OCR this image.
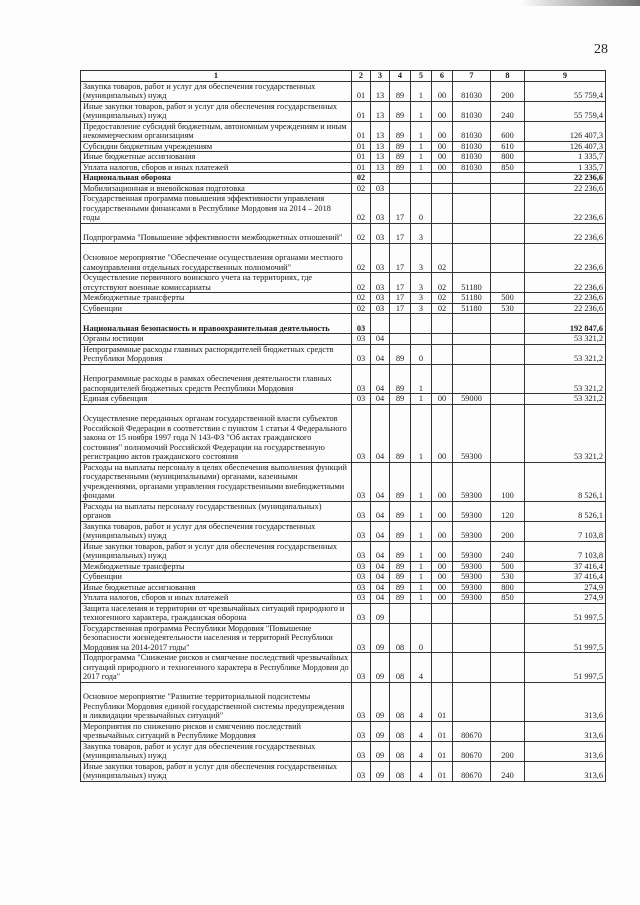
28
1	2	3	4	5	6	7	8	9
Закупка товаров, работ и услуг для обеспечения государственных (муниципальных) нужд	01	13	89	1	00	81030	200	55 759,4
Иные закупки товаров, работ и услуг для обеспечения государственных (муниципальных) нужд	01	13	89	1	00	81030	240	55 759,4
Предоставление субсидий бюджетным, автономным учреждениям и иным некоммерческим организациям	01	13	89	1	00	81030	600	126 407,3
Субсидии бюджетным учреждениям	01	13	89	1	00	81030	610	126 407,3
Иные бюджетные ассигнования	01	13	89	1	00	81030	800	1 335,7
Уплата налогов, сборов и иных платежей	01	13	89	1	00	81030	850	1 335,7
Национальная оборона	02							22 236,6
Мобилизационная и вневойсковая подготовка	02	03						22 236,6
Государственная программа повышения эффективности управления государственными финансами в Республике Мордовия на 2014 – 2018 годы	02	03	17	0				22 236,6
Подпрограмма "Повышение эффективности межбюджетных отношений"	02	03	17	3				22 236,6
Основное мероприятие "Обеспечение осуществления органами местного самоуправления отдельных государственных полномочий"	02	03	17	3	02			22 236,6
Осуществление первичного воинского учета на территориях, где отсутствуют военные комиссариаты	02	03	17	3	02	51180		22 236,6
Межбюджетные трансферты	02	03	17	3	02	51180	500	22 236,6
Субвенции	02	03	17	3	02	51180	530	22 236,6
Национальная безопасность и правоохранительная деятельность	03							192 847,6
Органы юстиции	03	04						53 321,2
Непрограммные расходы главных распорядителей бюджетных средств Республики Мордовия	03	04	89	0				53 321,2
Непрограммные расходы в рамках обеспечения деятельности главных распорядителей бюджетных средств Республики Мордовия	03	04	89	1				53 321,2
Единая субвенция	03	04	89	1	00	59000		53 321,2
Осуществление переданных органам государственной власти субъектов Российской Федерации в соответствии с пунктом 1 статьи 4 Федерального закона от 15 ноября 1997 года N 143-ФЗ "Об актах гражданского состояния" полномочий Российской Федерации на государственную регистрацию актов гражданского состояния	03	04	89	1	00	59300		53 321,2
Расходы на выплаты персоналу в целях обеспечения выполнения функций государственными (муниципальными) органами, казенными учреждениями, органами управления государственными внебюджетными фондами	03	04	89	1	00	59300	100	8 526,1
Расходы на выплаты персоналу государственных (муниципальных) органов	03	04	89	1	00	59300	120	8 526,1
Закупка товаров, работ и услуг для обеспечения государственных (муниципальных) нужд	03	04	89	1	00	59300	200	7 103,8
Иные закупки товаров, работ и услуг для обеспечения государственных (муниципальных) нужд	03	04	89	1	00	59300	240	7 103,8
Межбюджетные трансферты	03	04	89	1	00	59300	500	37 416,4
Субвенции	03	04	89	1	00	59300	530	37 416,4
Иные бюджетные ассигнования	03	04	89	1	00	59300	800	274,9
Уплата налогов, сборов и иных платежей	03	04	89	1	00	59300	850	274,9
Защита населения и территории от чрезвычайных ситуаций природного и техногенного характера, гражданская оборона	03	09						51 997,5
Государственная программа Республики Мордовия "Повышение безопасности жизнедеятельности населения и территорий Республики Мордовия на 2014-2017 годы"	03	09	08	0				51 997,5
Подпрограмма "Снижение рисков и смягчение последствий чрезвычайных ситуаций природного и техногенного характера в Республике Мордовия до 2017 года"	03	09	08	4				51 997,5
Основное мероприятие "Развитие территориальной подсистемы Республики Мордовия единой государственной системы предупреждения и ликвидации чрезвычайных ситуаций"	03	09	08	4	01			313,6
Мероприятия по снижению рисков и смягчению последствий чрезвычайных ситуаций в Республике Мордовия	03	09	08	4	01	80670		313,6
Закупка товаров, работ и услуг для обеспечения государственных (муниципальных) нужд	03	09	08	4	01	80670	200	313,6
Иные закупки товаров, работ и услуг для обеспечения государственных (муниципальных) нужд	03	09	08	4	01	80670	240	313,6
